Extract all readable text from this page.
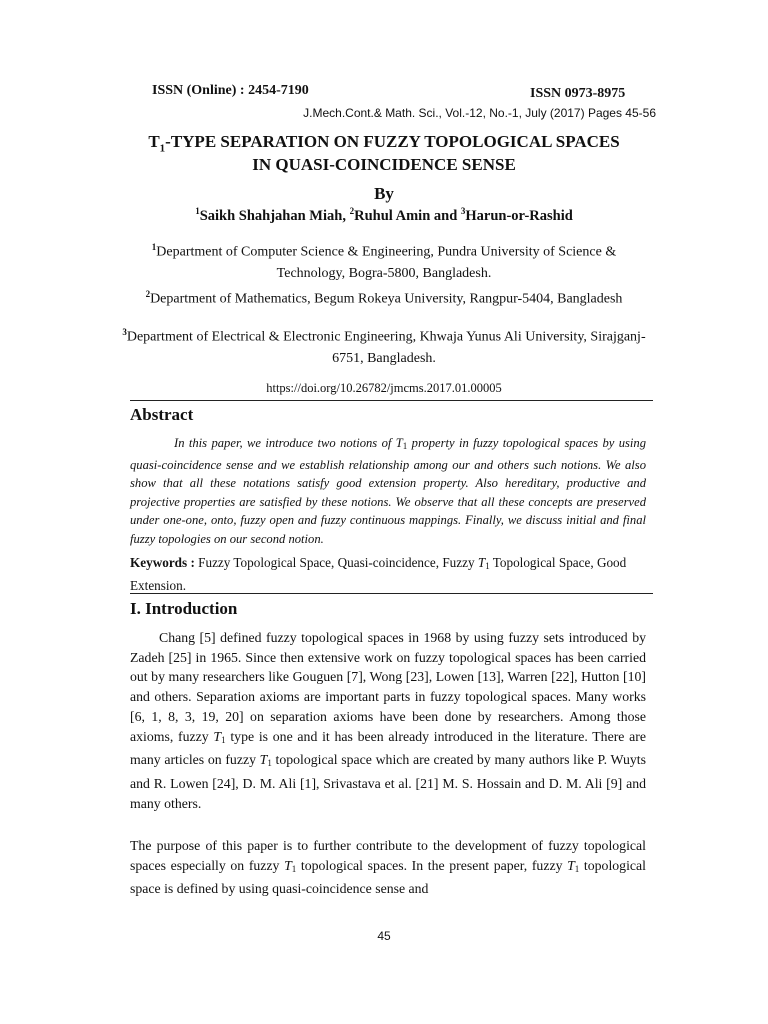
ISSN (Online) : 2454-7190	ISSN 0973-8975
J.Mech.Cont.& Math. Sci., Vol.-12, No.-1, July (2017) Pages 45-56
$T_1$-TYPE SEPARATION ON FUZZY TOPOLOGICAL SPACES
IN QUASI-COINCIDENCE SENSE
By
$^1$Saikh Shahjahan Miah, $^2$Ruhul Amin and $^3$Harun-or-Rashid
$^1$Department of Computer Science & Engineering, Pundra University of Science & Technology, Bogra-5800, Bangladesh.
$^2$Department of Mathematics, Begum Rokeya University, Rangpur-5404, Bangladesh
$^3$Department of Electrical & Electronic Engineering, Khwaja Yunus Ali University, Sirajganj-6751, Bangladesh.
https://doi.org/10.26782/jmcms.2017.01.00005
Abstract
In this paper, we introduce two notions of $T_1$ property in fuzzy topological spaces by using quasi-coincidence sense and we establish relationship among our and others such notions. We also show that all these notations satisfy good extension property. Also hereditary, productive and projective properties are satisfied by these notions. We observe that all these concepts are preserved under one-one, onto, fuzzy open and fuzzy continuous mappings. Finally, we discuss initial and final fuzzy topologies on our second notion.
Keywords : Fuzzy Topological Space, Quasi-coincidence, Fuzzy $T_1$ Topological Space, Good Extension.
I. Introduction
Chang [5] defined fuzzy topological spaces in 1968 by using fuzzy sets introduced by Zadeh [25] in 1965. Since then extensive work on fuzzy topological spaces has been carried out by many researchers like Gouguen [7], Wong [23], Lowen [13], Warren [22], Hutton [10] and others. Separation axioms are important parts in fuzzy topological spaces. Many works [6, 1, 8, 3, 19, 20] on separation axioms have been done by researchers. Among those axioms, fuzzy $T_1$ type is one and it has been already introduced in the literature. There are many articles on fuzzy $T_1$ topological space which are created by many authors like P. Wuyts and R. Lowen [24], D. M. Ali [1], Srivastava et al. [21] M. S. Hossain and D. M. Ali [9] and many others.
The purpose of this paper is to further contribute to the development of fuzzy topological spaces especially on fuzzy $T_1$ topological spaces. In the present paper, fuzzy $T_1$ topological space is defined by using quasi-coincidence sense and
45
